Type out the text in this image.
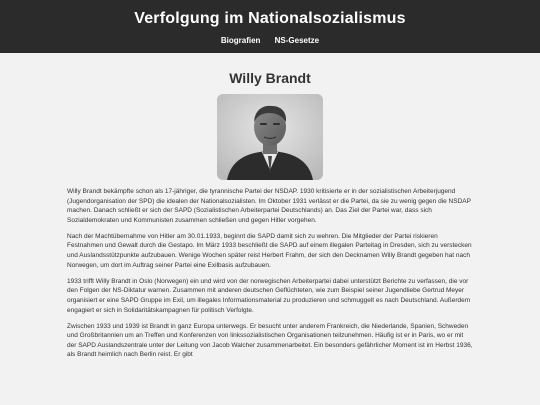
Verfolgung im Nationalsozialismus
Biografien NS-Gesetze
Willy Brandt

Willy Brandt bekämpfte schon als 17-jähriger, die tyrannische Partei der NSDAP. 1930 kritisierte er in der sozialistischen Arbeiterjugend (Jugendorganisation der SPD) die idealen der Nationalsozialisten. Im Oktober 1931 verlässt er die Partei, da sie zu wenig gegen die NSDAP machen. Danach schließt er sich der SAPD (Sozialistischen Arbeiterpartei Deutschlands) an. Das Ziel der Partei war, dass sich Sozialdemokraten und Kommunisten zusammen schließen und gegen Hitler vorgehen.

Nach der Machtübernahme von Hitler am 30.01.1933, beginnt die SAPD damit sich zu wehren. Die Mitglieder der Partei riskieren Festnahmen und Gewalt durch die Gestapo. Im März 1933 beschließt die SAPD auf einem illegalen Parteitag in Dresden, sich zu verstecken und Auslandsstützpunkte aufzubauen. Wenige Wochen später reist Herbert Frahm, der sich den Decknamen Willy Brandt gegeben hat nach Norwegen, um dort im Auftrag seiner Partei eine Exilbasis aufzubauen.

1933 trifft Willy Brandt in Oslo (Norwegen) ein und wird von der norwegischen Arbeiterpartei dabei unterstützt Berichte zu verfassen, die vor den Folgen der NS-Diktatur warnen. Zusammen mit anderen deutschen Geflüchteten, wie zum Beispiel seiner Jugendliebe Gertrud Meyer organisiert er eine SAPD Gruppe im Exil, um illegales Informationsmaterial zu produzieren und schmuggelt es nach Deutschland. Außerdem engagiert er sich in Solidaritätskampagnen für politisch Verfolgte.

Zwischen 1933 und 1939 ist Brandt in ganz Europa unterwegs. Er besucht unter anderem Frankreich, die Niederlande, Spanien, Schweden und Großbritannien um an Treffen und Konferenzen von linkssozialistischen Organisationen teilzunehmen. Häufig ist er in Paris, wo er mit der SAPD Auslandszentrale unter der Leitung von Jacob Walcher zusammenarbeitet. Ein besonders gefährlicher Moment ist im Herbst 1936, als Brandt heimlich nach Berlin reist. Er gibt
